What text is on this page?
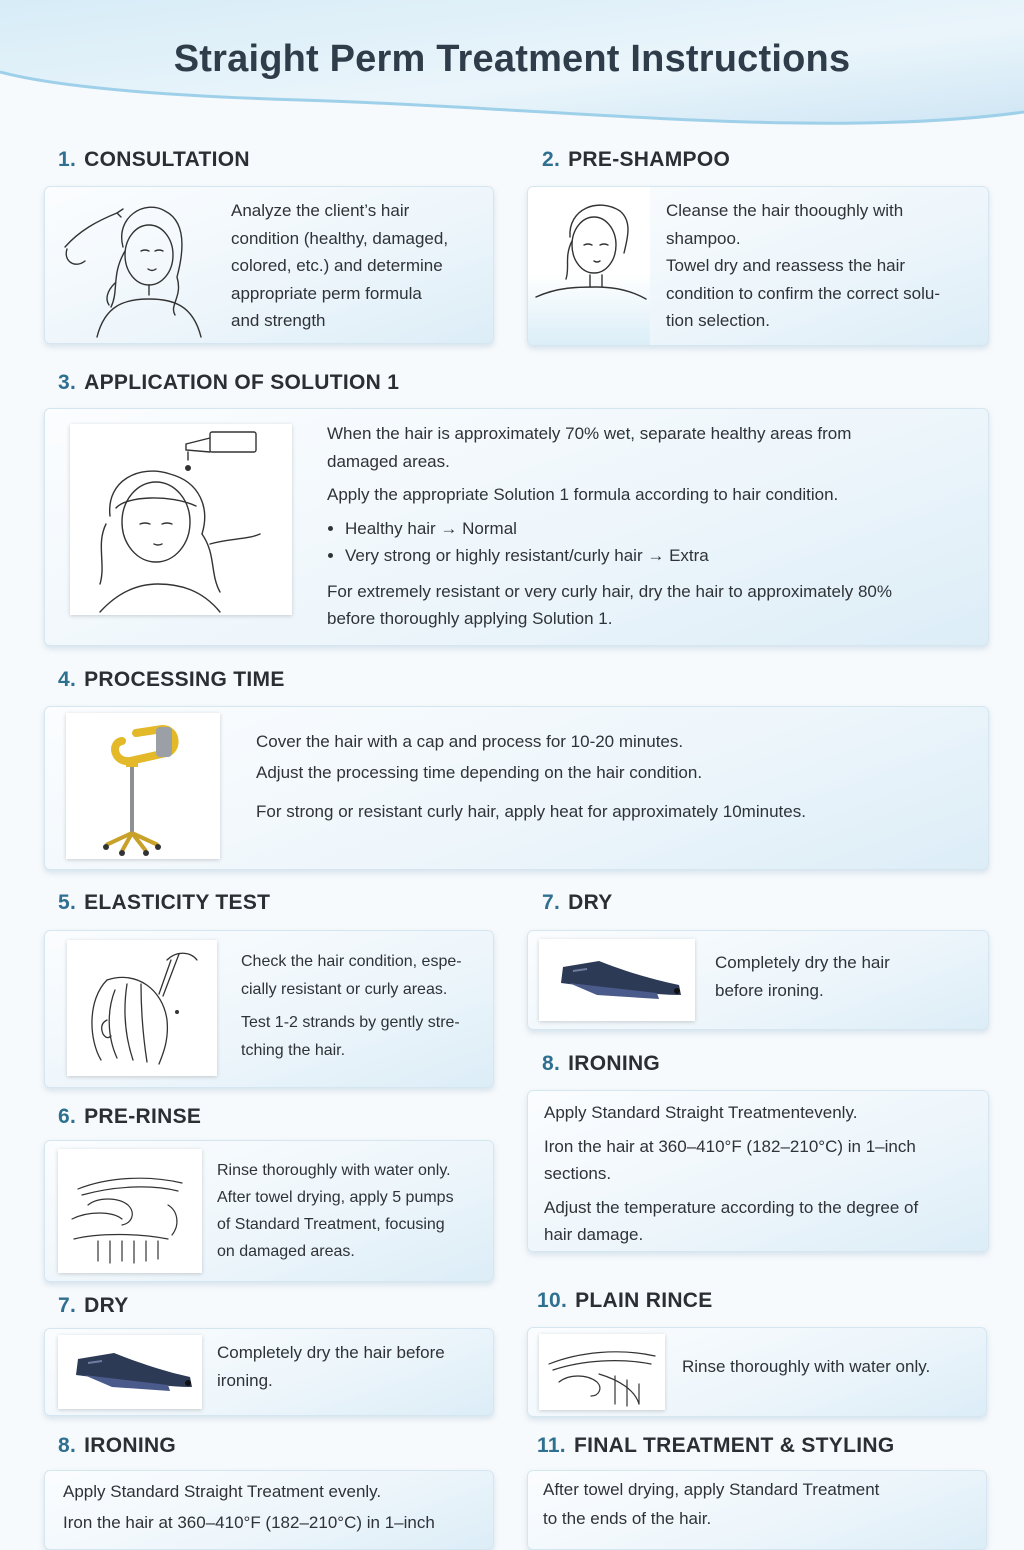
Straight Perm Treatment Instructions
1. CONSULTATION

Analyze the client’s hair

condition (healthy, damaged,

colored, etc.) and determine

appropriate perm formula

and strength

2. PRE-SHAMPOO

Cleanse the hair thooughly with

shampoo.

Towel dry and reassess the hair

condition to confirm the correct solu-

tion selection.

3. APPLICATION OF SOLUTION 1

When the hair is approximately 70% wet, separate healthy areas from

damaged areas.

Apply the appropriate Solution 1 formula according to hair condition.

• Healthy hair → Normal
• Very strong or highly resistant/curly hair → Extra

For extremely resistant or very curly hair, dry the hair to approximately 80%

before thoroughly applying Solution 1.

4. PROCESSING TIME

Cover the hair with a cap and process for 10-20 minutes.

Adjust the processing time depending on the hair condition.

For strong or resistant curly hair, apply heat for approximately 10minutes.

5. ELASTICITY TEST

Check the hair condition, espe-

cially resistant or curly areas.

Test 1-2 strands by gently stre-

tching the hair.

7. DRY

Completely dry the hair

before ironing.

8. IRONING

Apply Standard Straight Treatmentevenly.

Iron the hair at 360–410°F (182–210°C) in 1–inch

sections.

Adjust the temperature according to the degree of

hair damage.

6. PRE-RINSE

Rinse thoroughly with water only.

After towel drying, apply 5 pumps

of Standard Treatment, focusing

on damaged areas.

10. PLAIN RINCE

Rinse thoroughly with water only.

7. DRY

Completely dry the hair before

ironing.

8. IRONING

Apply Standard Straight Treatment evenly.

Iron the hair at 360–410°F (182–210°C) in 1–inch

11. FINAL TREATMENT & STYLING

After towel drying, apply Standard Treatment

to the ends of the hair.
